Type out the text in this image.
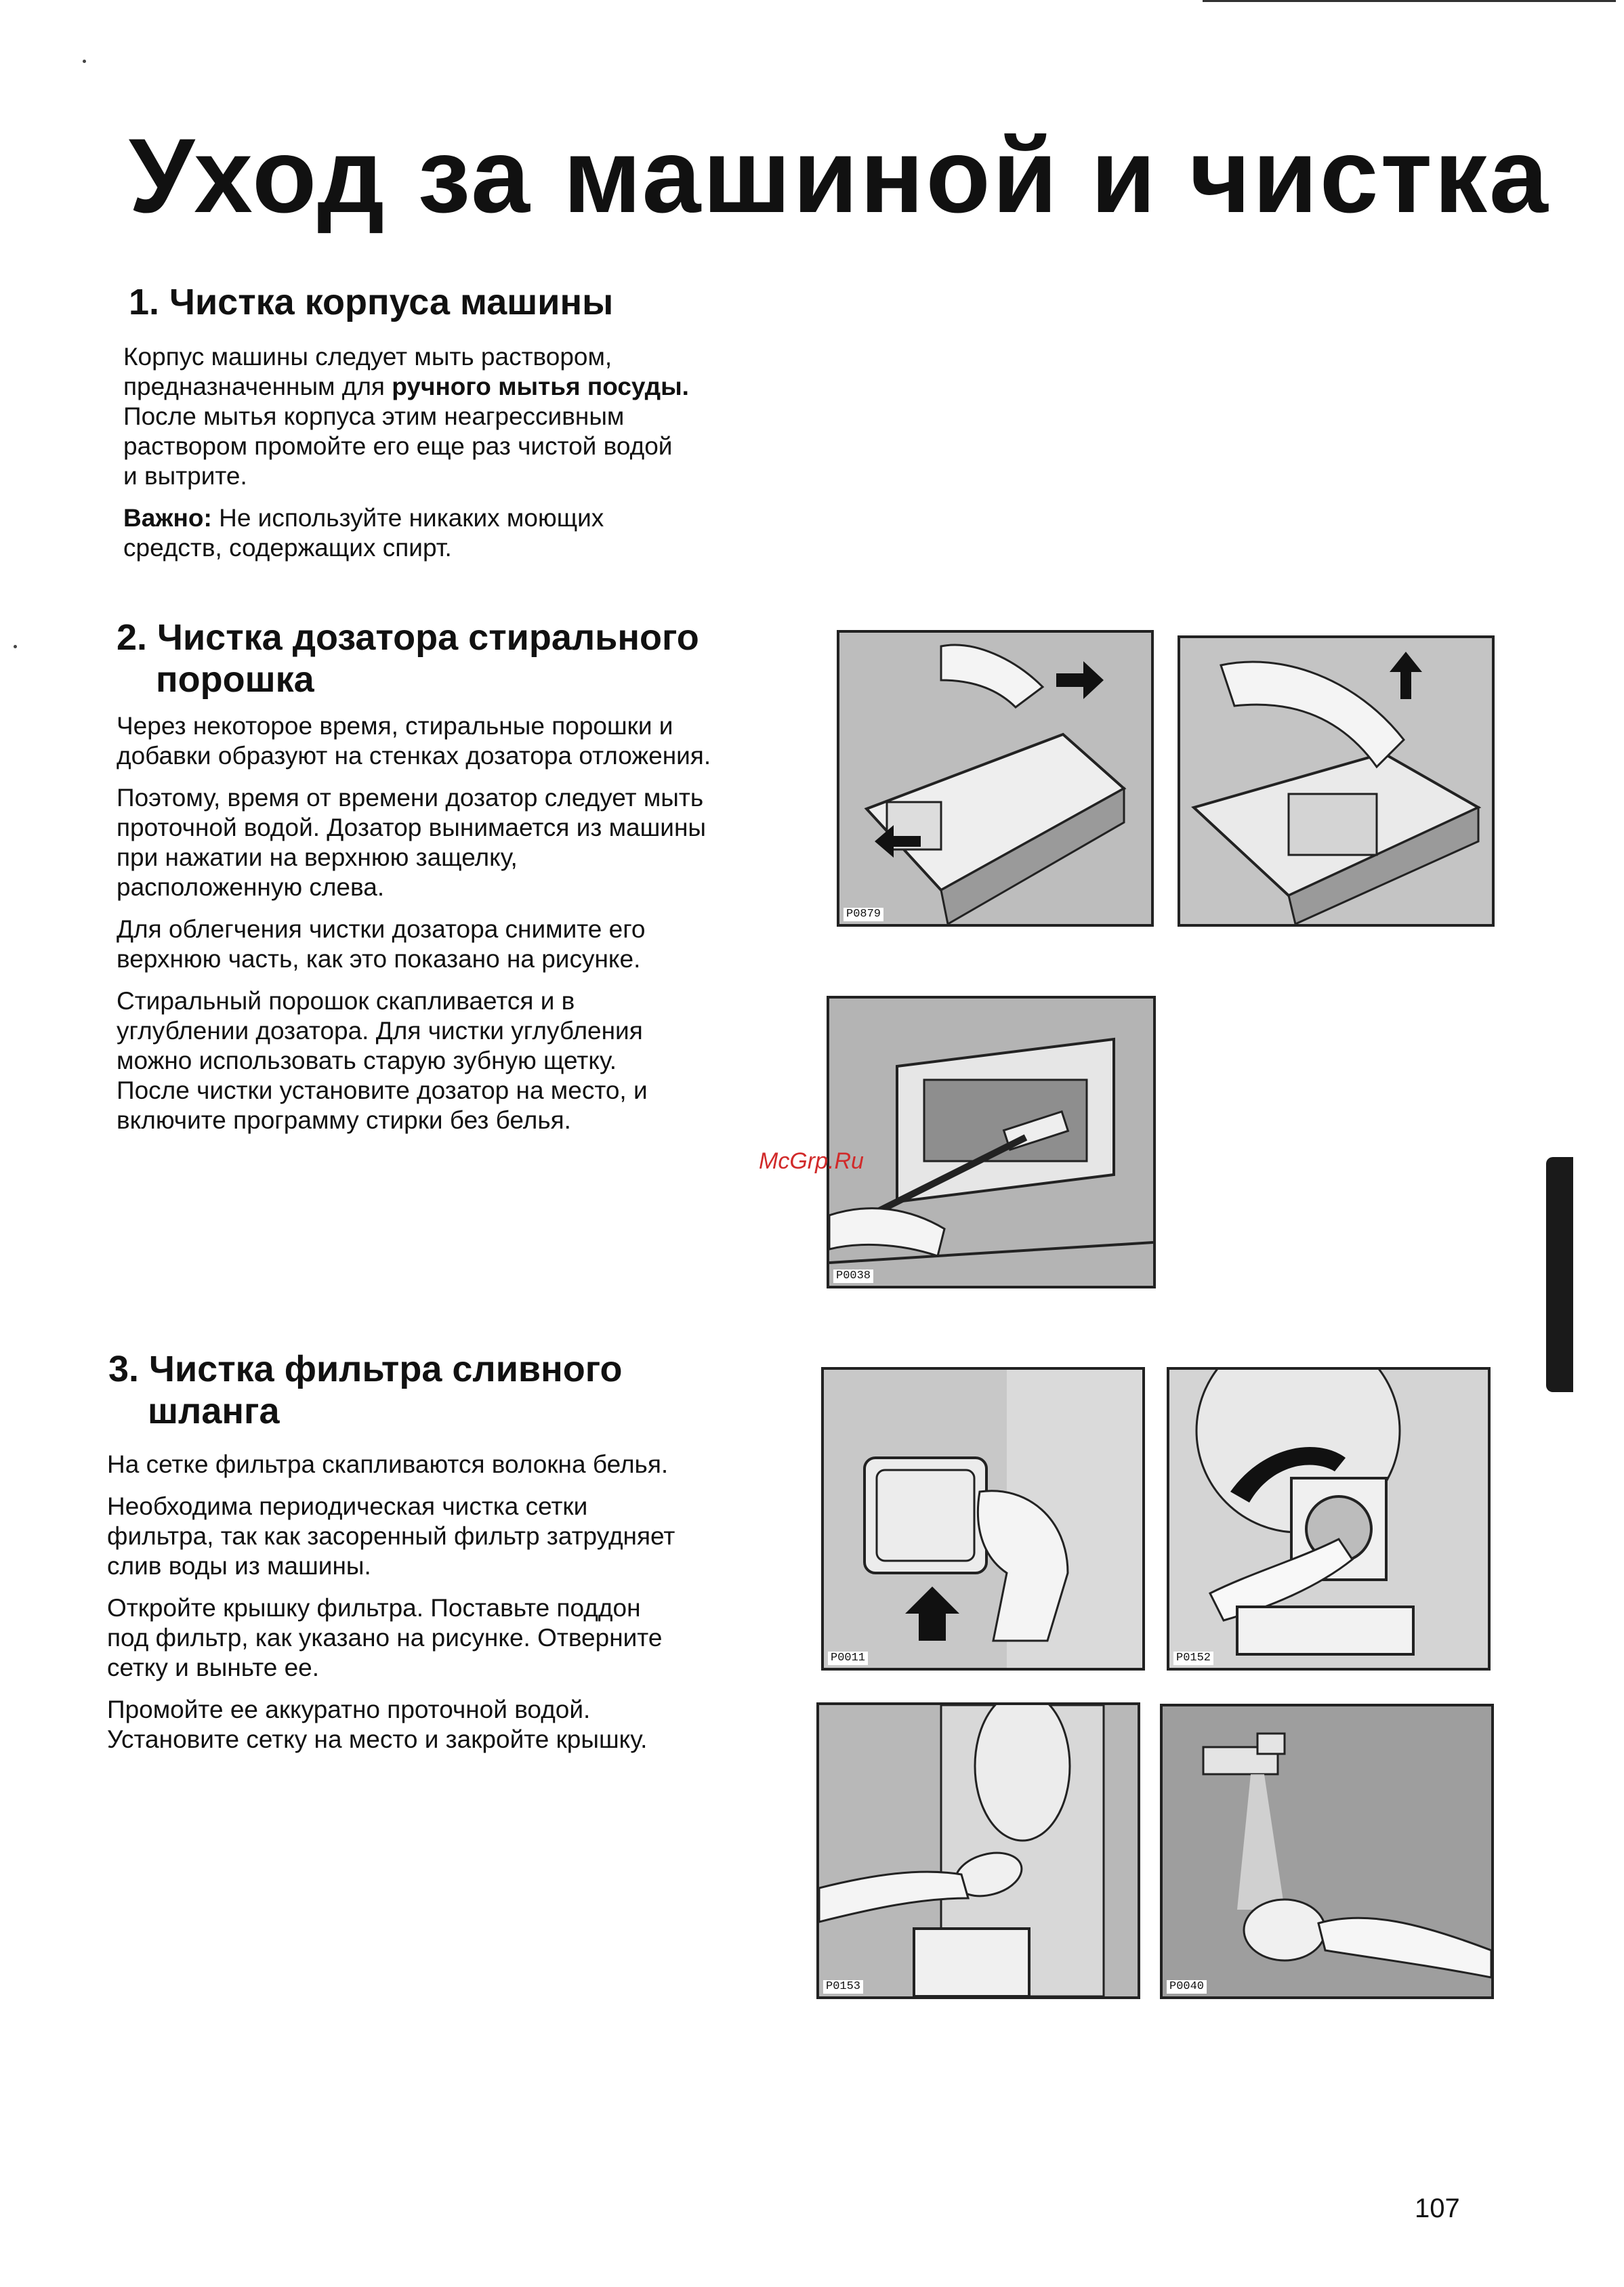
Уход за машиной и чистка
1. Чистка корпуса машины

Корпус машины следует мыть раствором,
предназначенным для ручного мытья посуды.
После мытья корпуса этим неагрессивным
раствором промойте его еще раз чистой водой
и вытрите.

Важно: Не используйте никаких моющих
средств, содержащих спирт.

2. Чистка дозатора стирального
порошка

Через некоторое время, стиральные порошки и
добавки образуют на стенках дозатора отложения.

Поэтому, время от времени дозатор следует мыть
проточной водой. Дозатор вынимается из машины
при нажатии на верхнюю защелку,
расположенную слева.

Для облегчения чистки дозатора снимите его
верхнюю часть, как это показано на рисунке.

Стиральный порошок скапливается и в
углублении дозатора. Для чистки углубления
можно использовать старую зубную щетку.
После чистки установите дозатор на место, и
включите программу стирки без белья.

3. Чистка фильтра сливного
шланга

На сетке фильтра скапливаются волокна белья.

Необходима периодическая чистка сетки
фильтра, так как засоренный фильтр затрудняет
слив воды из машины.

Откройте крышку фильтра. Поставьте поддон
под фильтр, как указано на рисунке. Отверните
сетку и выньте ее.

Промойте ее аккуратно проточной водой.
Установите сетку на место и закройте крышку.

P0879
P0038
P0011	P0152
P0153	P0040
McGrp.Ru
107
